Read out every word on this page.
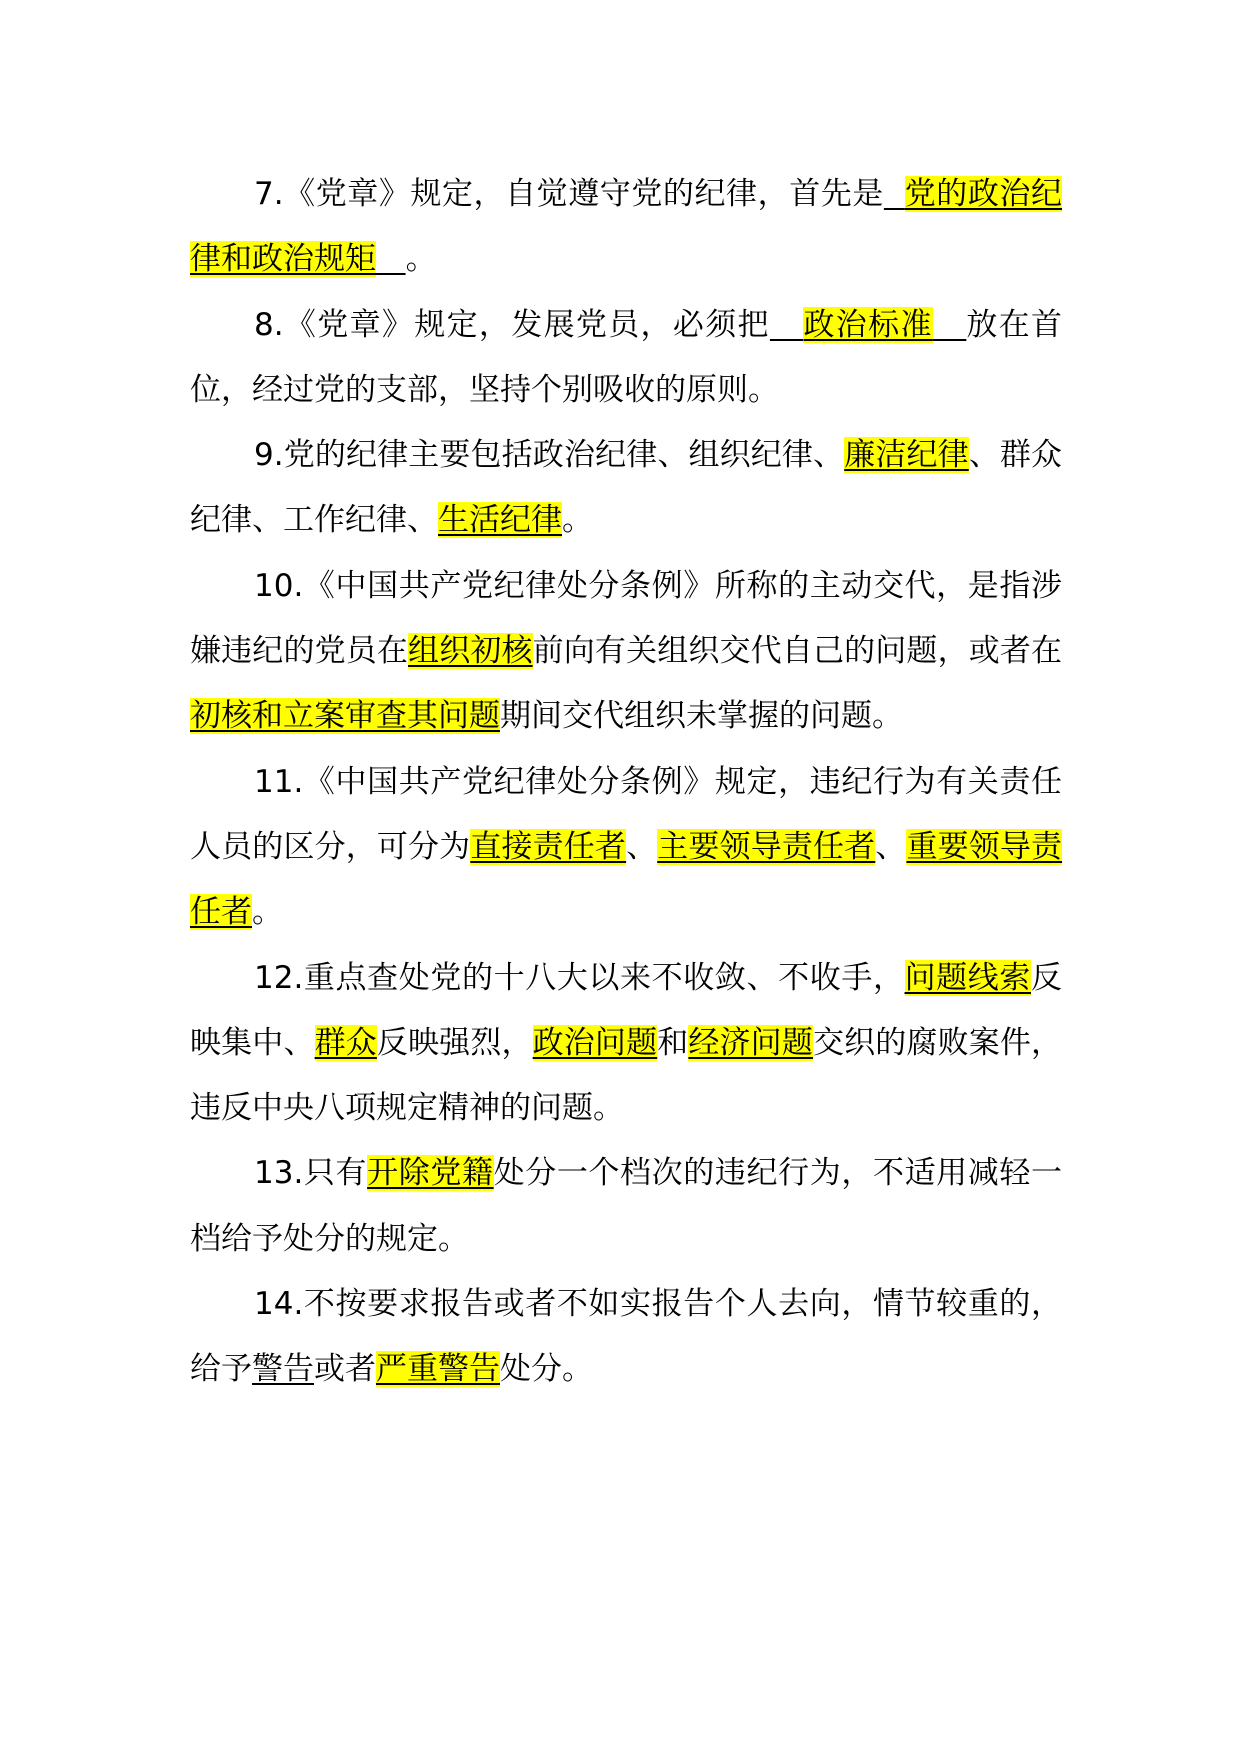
7.《党章》规定，自觉遵守党的纪律，首先是 党的政治纪律和政治规矩 。

8.《党章》规定，发展党员，必须把 政治标准 放在首位，经过党的支部，坚持个别吸收的原则。

9.党的纪律主要包括政治纪律、组织纪律、廉洁纪律、群众纪律、工作纪律、生活纪律。

10.《中国共产党纪律处分条例》所称的主动交代，是指涉嫌违纪的党员在组织初核前向有关组织交代自己的问题，或者在初核和立案审查其问题期间交代组织未掌握的问题。

11.《中国共产党纪律处分条例》规定，违纪行为有关责任人员的区分，可分为直接责任者、主要领导责任者、重要领导责任者。

12.重点查处党的十八大以来不收敛、不收手，问题线索反映集中、群众反映强烈，政治问题和经济问题交织的腐败案件，违反中央八项规定精神的问题。

13.只有开除党籍处分一个档次的违纪行为，不适用减轻一档给予处分的规定。

14.不按要求报告或者不如实报告个人去向，情节较重的，给予警告或者严重警告处分。
